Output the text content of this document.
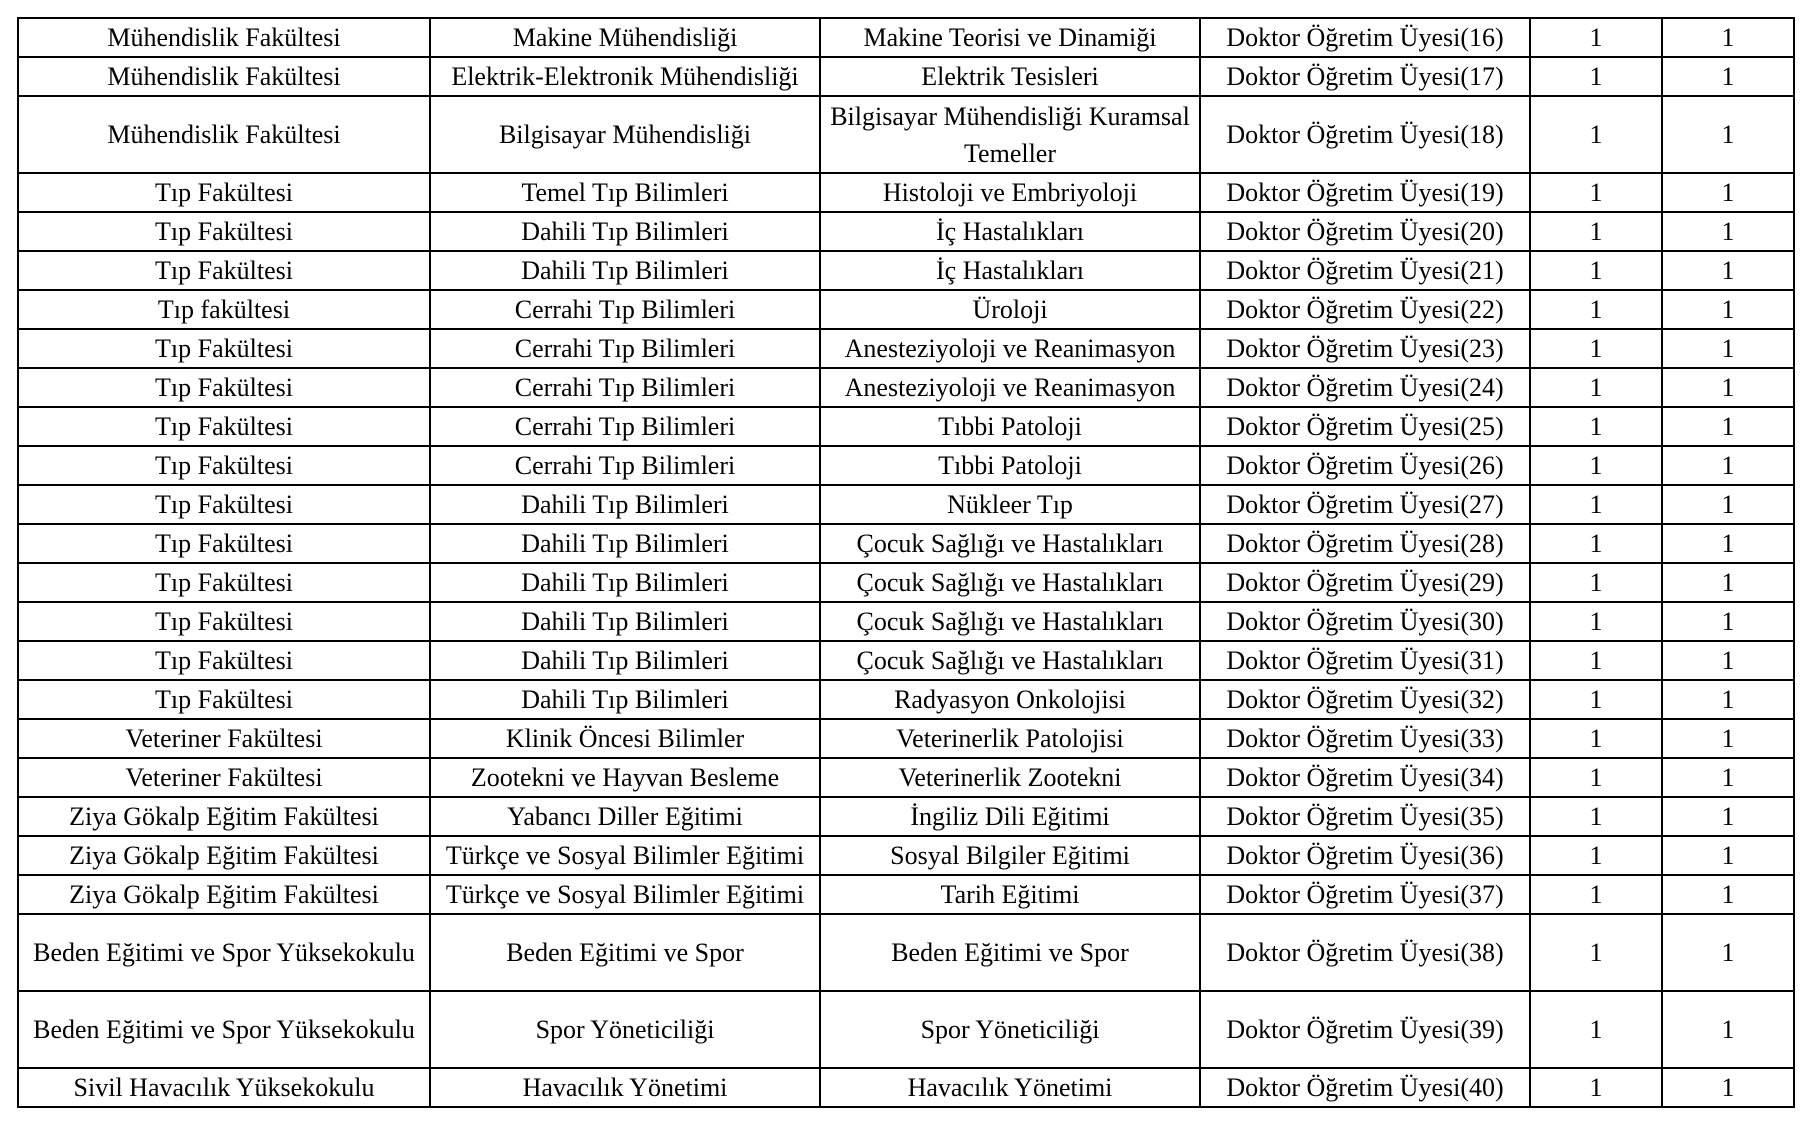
Mühendislik Fakültesi	Makine Mühendisliği	Makine Teorisi ve Dinamiği	Doktor Öğretim Üyesi(16)	1	1
Mühendislik Fakültesi	Elektrik-Elektronik Mühendisliği	Elektrik Tesisleri	Doktor Öğretim Üyesi(17)	1	1
Mühendislik Fakültesi	Bilgisayar Mühendisliği	Bilgisayar Mühendisliği Kuramsal Temeller	Doktor Öğretim Üyesi(18)	1	1
Tıp Fakültesi	Temel Tıp Bilimleri	Histoloji ve Embriyoloji	Doktor Öğretim Üyesi(19)	1	1
Tıp Fakültesi	Dahili Tıp Bilimleri	İç Hastalıkları	Doktor Öğretim Üyesi(20)	1	1
Tıp Fakültesi	Dahili Tıp Bilimleri	İç Hastalıkları	Doktor Öğretim Üyesi(21)	1	1
Tıp fakültesi	Cerrahi Tıp Bilimleri	Üroloji	Doktor Öğretim Üyesi(22)	1	1
Tıp Fakültesi	Cerrahi Tıp Bilimleri	Anesteziyoloji ve Reanimasyon	Doktor Öğretim Üyesi(23)	1	1
Tıp Fakültesi	Cerrahi Tıp Bilimleri	Anesteziyoloji ve Reanimasyon	Doktor Öğretim Üyesi(24)	1	1
Tıp Fakültesi	Cerrahi Tıp Bilimleri	Tıbbi Patoloji	Doktor Öğretim Üyesi(25)	1	1
Tıp Fakültesi	Cerrahi Tıp Bilimleri	Tıbbi Patoloji	Doktor Öğretim Üyesi(26)	1	1
Tıp Fakültesi	Dahili Tıp Bilimleri	Nükleer Tıp	Doktor Öğretim Üyesi(27)	1	1
Tıp Fakültesi	Dahili Tıp Bilimleri	Çocuk Sağlığı ve Hastalıkları	Doktor Öğretim Üyesi(28)	1	1
Tıp Fakültesi	Dahili Tıp Bilimleri	Çocuk Sağlığı ve Hastalıkları	Doktor Öğretim Üyesi(29)	1	1
Tıp Fakültesi	Dahili Tıp Bilimleri	Çocuk Sağlığı ve Hastalıkları	Doktor Öğretim Üyesi(30)	1	1
Tıp Fakültesi	Dahili Tıp Bilimleri	Çocuk Sağlığı ve Hastalıkları	Doktor Öğretim Üyesi(31)	1	1
Tıp Fakültesi	Dahili Tıp Bilimleri	Radyasyon Onkolojisi	Doktor Öğretim Üyesi(32)	1	1
Veteriner Fakültesi	Klinik Öncesi Bilimler	Veterinerlik Patolojisi	Doktor Öğretim Üyesi(33)	1	1
Veteriner Fakültesi	Zootekni ve Hayvan Besleme	Veterinerlik Zootekni	Doktor Öğretim Üyesi(34)	1	1
Ziya Gökalp Eğitim Fakültesi	Yabancı Diller Eğitimi	İngiliz Dili Eğitimi	Doktor Öğretim Üyesi(35)	1	1
Ziya Gökalp Eğitim Fakültesi	Türkçe ve Sosyal Bilimler Eğitimi	Sosyal Bilgiler Eğitimi	Doktor Öğretim Üyesi(36)	1	1
Ziya Gökalp Eğitim Fakültesi	Türkçe ve Sosyal Bilimler Eğitimi	Tarih Eğitimi	Doktor Öğretim Üyesi(37)	1	1
Beden Eğitimi ve Spor Yüksekokulu	Beden Eğitimi ve Spor	Beden Eğitimi ve Spor	Doktor Öğretim Üyesi(38)	1	1
Beden Eğitimi ve Spor Yüksekokulu	Spor Yöneticiliği	Spor Yöneticiliği	Doktor Öğretim Üyesi(39)	1	1
Sivil Havacılık Yüksekokulu	Havacılık Yönetimi	Havacılık Yönetimi	Doktor Öğretim Üyesi(40)	1	1
